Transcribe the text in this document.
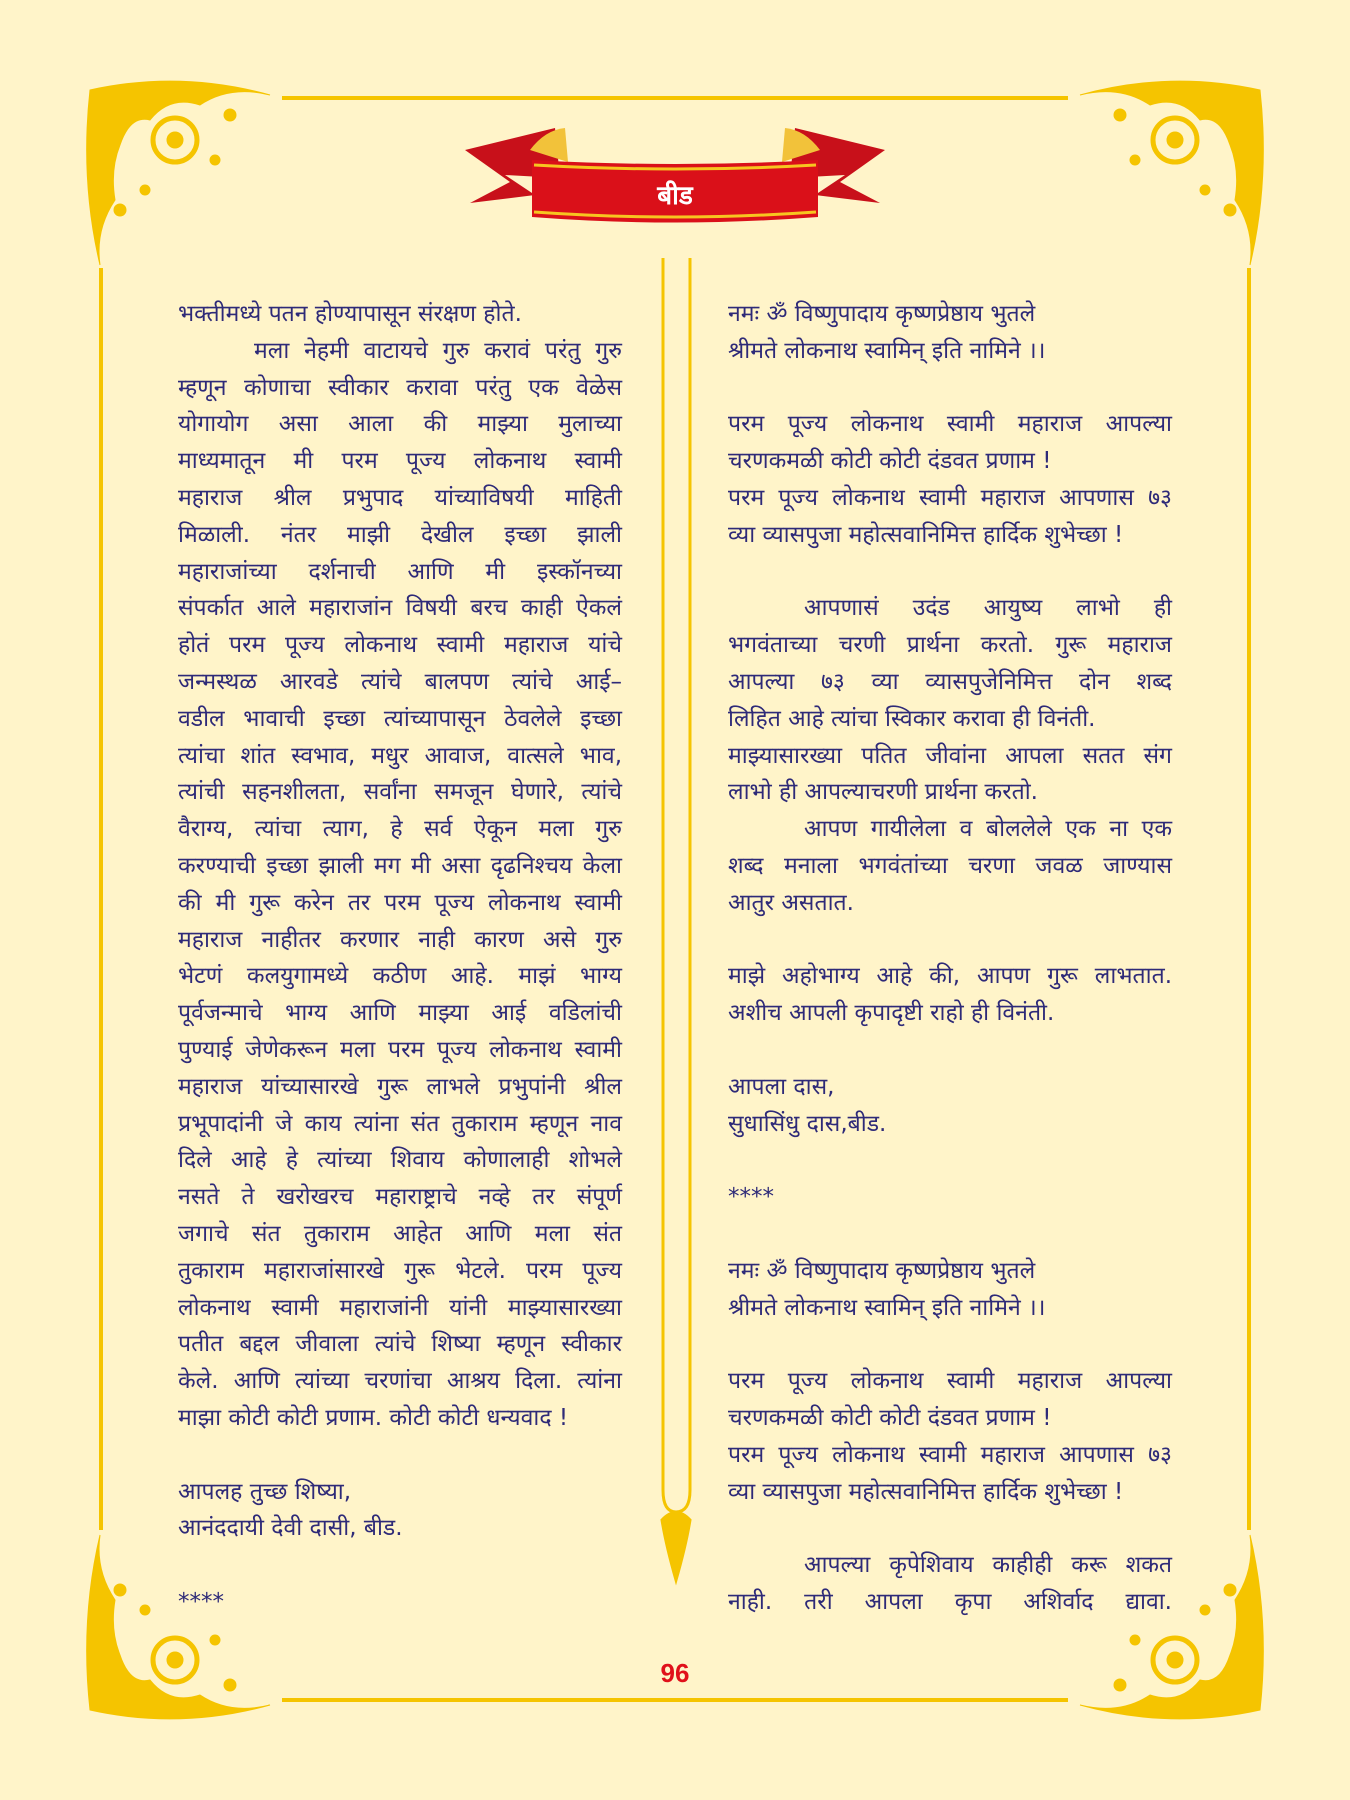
बीड
भक्तीमध्ये पतन होण्यापासून संरक्षण होते.
मला नेहमी वाटायचे गुरु करावं परंतु गुरु
म्हणून कोणाचा स्वीकार करावा परंतु एक वेळेस
योगायोग असा आला की माझ्या मुलाच्या
माध्यमातून मी परम पूज्य लोकनाथ स्वामी
महाराज श्रील प्रभुपाद यांच्याविषयी माहिती
मिळाली. नंतर माझी देखील इच्छा झाली
महाराजांच्या दर्शनाची आणि मी इस्कॉनच्या
संपर्कात आले महाराजांन विषयी बरच काही ऐकलं
होतं परम पूज्य लोकनाथ स्वामी महाराज यांचे
जन्मस्थळ आरवडे त्यांचे बालपण त्यांचे आई–
वडील भावाची इच्छा त्यांच्यापासून ठेवलेले इच्छा
त्यांचा शांत स्वभाव, मधुर आवाज, वात्सले भाव,
त्यांची सहनशीलता, सर्वांना समजून घेणारे, त्यांचे
वैराग्य, त्यांचा त्याग, हे सर्व ऐकून मला गुरु
करण्याची इच्छा झाली मग मी असा दृढनिश्चय केला
की मी गुरू करेन तर परम पूज्य लोकनाथ स्वामी
महाराज नाहीतर करणार नाही कारण असे गुरु
भेटणं कलयुगामध्ये कठीण आहे. माझं भाग्य
पूर्वजन्माचे भाग्य आणि माझ्या आई वडिलांची
पुण्याई जेणेकरून मला परम पूज्य लोकनाथ स्वामी
महाराज यांच्यासारखे गुरू लाभले प्रभुपांनी श्रील
प्रभूपादांनी जे काय त्यांना संत तुकाराम म्हणून नाव
दिले आहे हे त्यांच्या शिवाय कोणालाही शोभले
नसते ते खरोखरच महाराष्ट्राचे नव्हे तर संपूर्ण
जगाचे संत तुकाराम आहेत आणि मला संत
तुकाराम महाराजांसारखे गुरू भेटले. परम पूज्य
लोकनाथ स्वामी महाराजांनी यांनी माझ्यासारख्या
पतीत बद्दल जीवाला त्यांचे शिष्या म्हणून स्वीकार
केले. आणि त्यांच्या चरणांचा आश्रय दिला. त्यांना
माझा कोटी कोटी प्रणाम. कोटी कोटी धन्यवाद !
आपलह तुच्छ शिष्या,
आनंददायी देवी दासी, बीड.
****
नमः ॐ विष्णुपादाय कृष्णप्रेष्ठाय भुतले
श्रीमते लोकनाथ स्वामिन् इति नामिने ।।
परम पूज्य लोकनाथ स्वामी महाराज आपल्या
चरणकमळी कोटी कोटी दंडवत प्रणाम !
परम पूज्य लोकनाथ स्वामी महाराज आपणास ७३
व्या व्यासपुजा महोत्सवानिमित्त हार्दिक शुभेच्छा !
आपणासं उदंड आयुष्य लाभो ही
भगवंताच्या चरणी प्रार्थना करतो. गुरू महाराज
आपल्या ७३ व्या व्यासपुजेनिमित्त दोन शब्द
लिहित आहे त्यांचा स्विकार करावा ही विनंती.
माझ्यासारख्या पतित जीवांना आपला सतत संग
लाभो ही आपल्याचरणी प्रार्थना करतो.
आपण गायीलेला व बोललेले एक ना एक
शब्द मनाला भगवंतांच्या चरणा जवळ जाण्यास
आतुर असतात.
माझे अहोभाग्य आहे की, आपण गुरू लाभतात.
अशीच आपली कृपादृष्टी राहो ही विनंती.
आपला दास,
सुधासिंधु दास,बीड.
****
नमः ॐ विष्णुपादाय कृष्णप्रेष्ठाय भुतले
श्रीमते लोकनाथ स्वामिन् इति नामिने ।।
परम पूज्य लोकनाथ स्वामी महाराज आपल्या
चरणकमळी कोटी कोटी दंडवत प्रणाम !
परम पूज्य लोकनाथ स्वामी महाराज आपणास ७३
व्या व्यासपुजा महोत्सवानिमित्त हार्दिक शुभेच्छा !
आपल्या कृपेशिवाय काहीही करू शकत
नाही. तरी आपला कृपा अशिर्वाद द्यावा.
96
